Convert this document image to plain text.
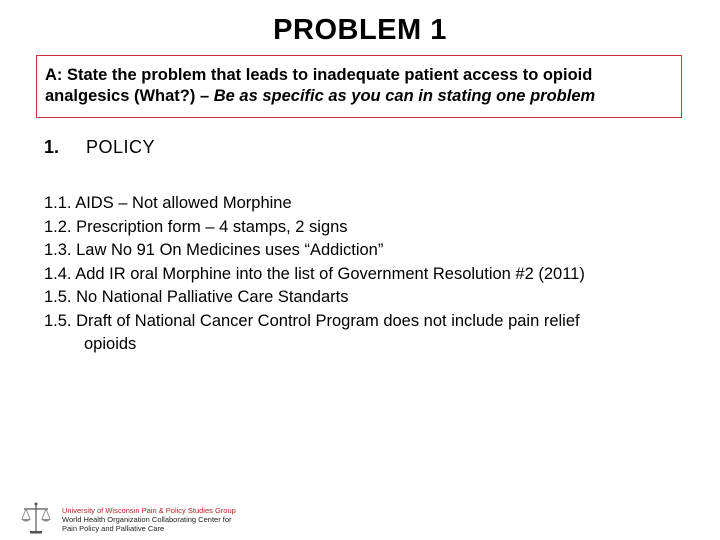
PROBLEM 1
A: State the problem that leads to inadequate patient access to opioid analgesics (What?) – Be as specific as you can in stating one problem
1. POLICY
1.1. AIDS – Not allowed Morphine
1.2. Prescription form – 4 stamps, 2 signs
1.3. Law No 91 On Medicines uses “Addiction”
1.4. Add IR oral Morphine into the list of Government Resolution #2 (2011)
1.5. No National Palliative Care Standarts
1.5. Draft of National Cancer Control Program does not include pain relief
opioids
University of Wisconsin Pain & Policy Studies Group
World Health Organization Collaborating Center for
Pain Policy and Palliative Care
